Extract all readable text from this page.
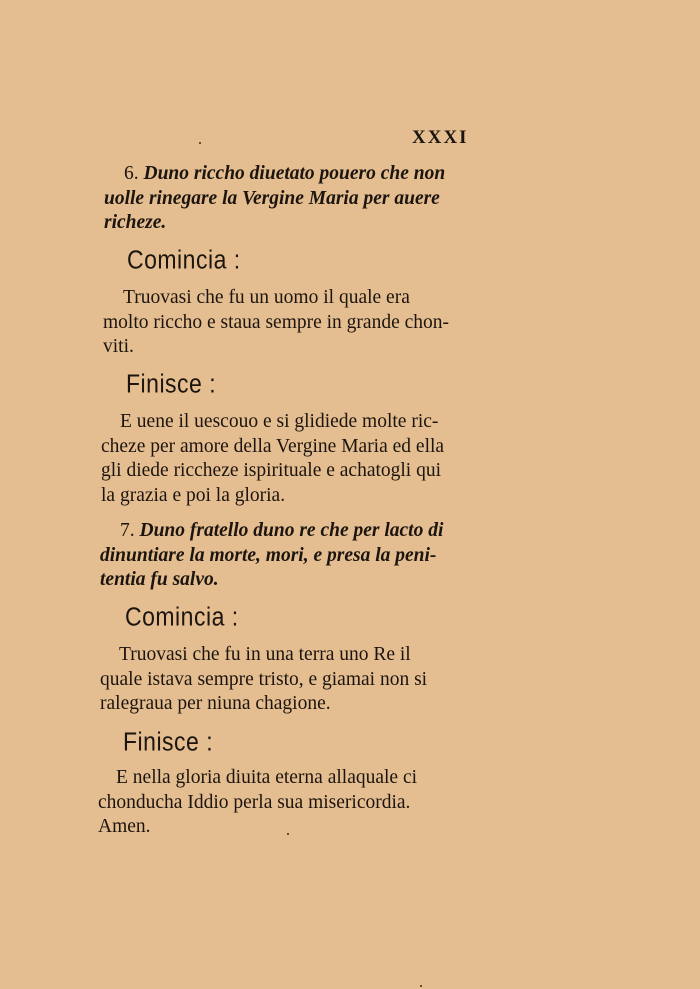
XXXI

6. Duno ricchо diuetato pouero che non
uolle rinegare la Vergine Maria per auere
richeze.

Comincia :

Truovasi che fu un uomo il quale era
molto ricchо e staua sempre in grande chon-
viti.

Finisce :

E uene il uescouo e si glidiede molte ric-
cheze per amore della Vergine Maria ed ella
gli diede riccheze ispirituale e achatogli qui
la grazia e poi la gloria.

7. Duno fratello duno re che per lacto di
dinuntiare la morte, mori, e presa la peni-
tentia fu salvo.

Comincia :

Truovasi che fu in una terra uno Re il
quale istava sempre tristo, e giamai non si
ralegraua per niuna chagione.

Finisce :

E nella gloria diuita eterna allaquale ci
chonducha Iddio perla sua misericordia.
Amen.
